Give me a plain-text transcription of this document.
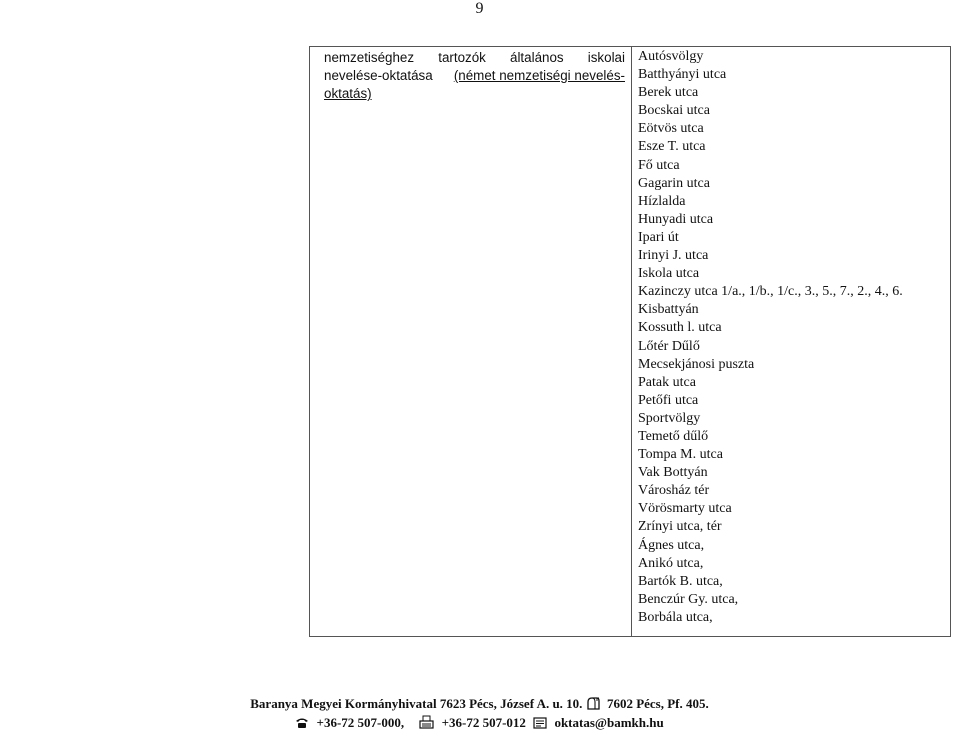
9
nemzetiséghez tartozók általános iskolai
nevelése-oktatása (német nemzetiségi nevelés-
oktatás)

Autósvölgy
Batthyányi utca
Berek utca
Bocskai utca
Eötvös utca
Esze T. utca
Fő utca
Gagarin utca
Hízlalda
Hunyadi utca
Ipari út
Irinyi J. utca
Iskola utca
Kazinczy utca 1/a., 1/b., 1/c., 3., 5., 7., 2., 4., 6.
Kisbattyán
Kossuth l. utca
Lőtér Dűlő
Mecsekjánosi puszta
Patak utca
Petőfi utca
Sportvölgy
Temető dűlő
Tompa M. utca
Vak Bottyán
Városház tér
Vörösmarty utca
Zrínyi utca, tér
Ágnes utca,
Anikó utca,
Bartók B. utca,
Benczúr Gy. utca,
Borbála utca,
Baranya Megyei Kormányhivatal 7623 Pécs, József A. u. 10. 7602 Pécs, Pf. 405.
+36-72 507-000,	+36-72 507-012 oktatas@bamkh.hu
